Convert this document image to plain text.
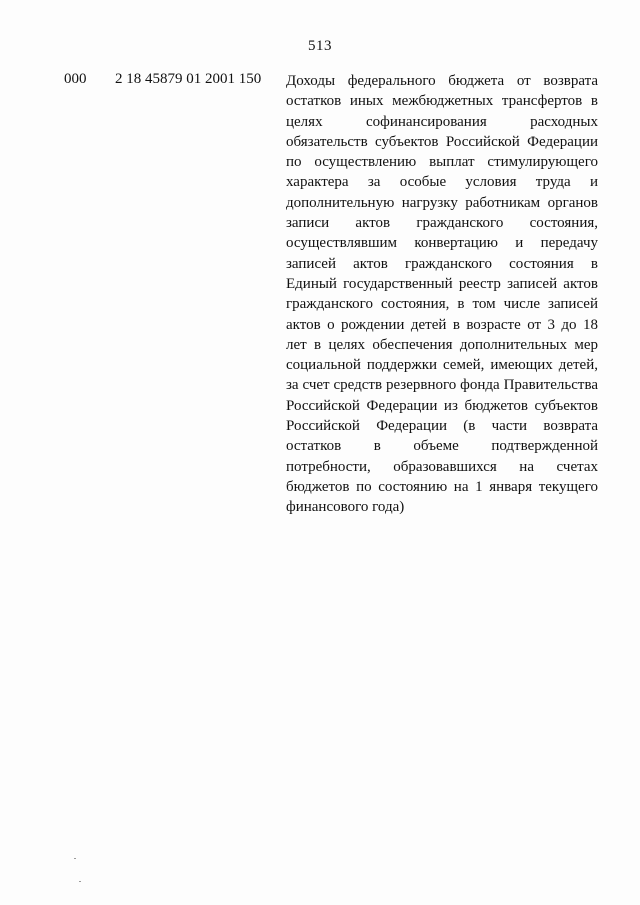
513
000 2 18 45879 01 2001 150 Доходы федерального бюджета от возврата остатков иных межбюджетных трансфертов в целях софинансирования расходных обязательств субъектов Российской Федерации по осуществлению выплат стимулирующего характера за особые условия труда и дополнительную нагрузку работникам органов записи актов гражданского состояния, осуществлявшим конвертацию и передачу записей актов гражданского состояния в Единый государственный реестр записей актов гражданского состояния, в том числе записей актов о рождении детей в возрасте от 3 до 18 лет в целях обеспечения дополнительных мер социальной поддержки семей, имеющих детей, за счет средств резервного фонда Правительства Российской Федерации из бюджетов субъектов Российской Федерации (в части возврата остатков в объеме подтвержденной потребности, образовавшихся на счетах бюджетов по состоянию на 1 января текущего финансового года)
